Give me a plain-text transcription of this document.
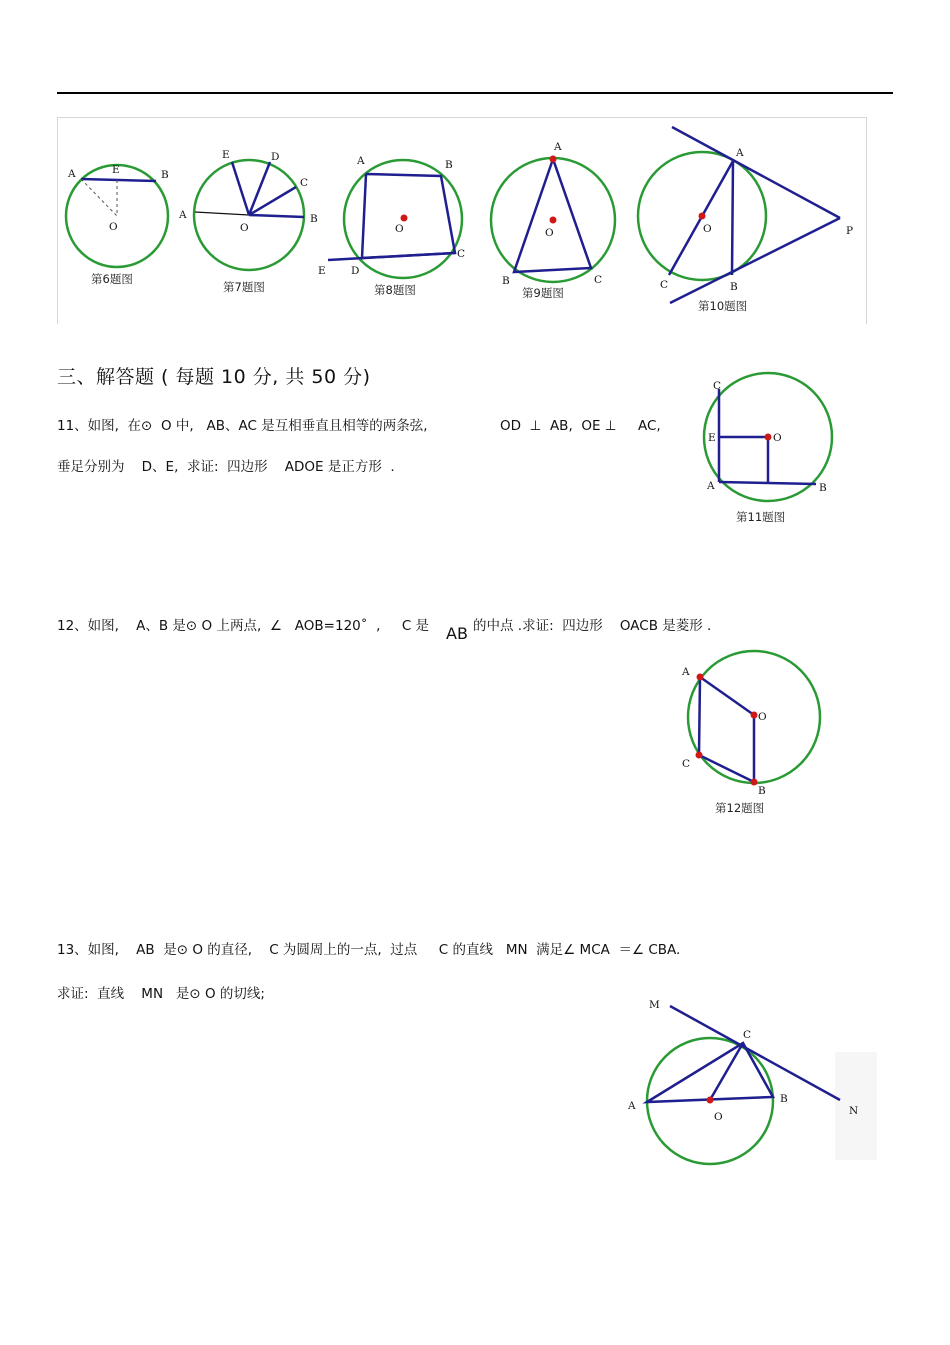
A	E	B
O
第6题图
E	D
C
A
O
B
第7题图
A	B
O
E D
C
第8题图
A
O
B	C
第9题图
A
O	P
C	B
第10题图
三、解答题 ( 每题 10 分, 共 50 分)
11、如图,  在⊙  O 中,   AB、AC 是互相垂直且相等的两条弦,	OD  ⊥  AB,  OE ⊥     AC,
垂足分别为    D、E,  求证:  四边形    ADOE 是正方形  .
C
E	O
A	B
第11题图
12、如图,    A、B 是⊙ O 上两点,  ∠   AOB=120˚  ,     C 是 AB 的中点 .求证:  四边形    OACB 是菱形 .
A
O
C
B
第12题图
13、如图,    AB  是⊙ O 的直径,    C 为圆周上的一点,  过点     C 的直线   MN  满足∠ MCA  ＝∠ CBA.
求证:  直线    MN   是⊙ O 的切线;
M
C
A
O
B
N
